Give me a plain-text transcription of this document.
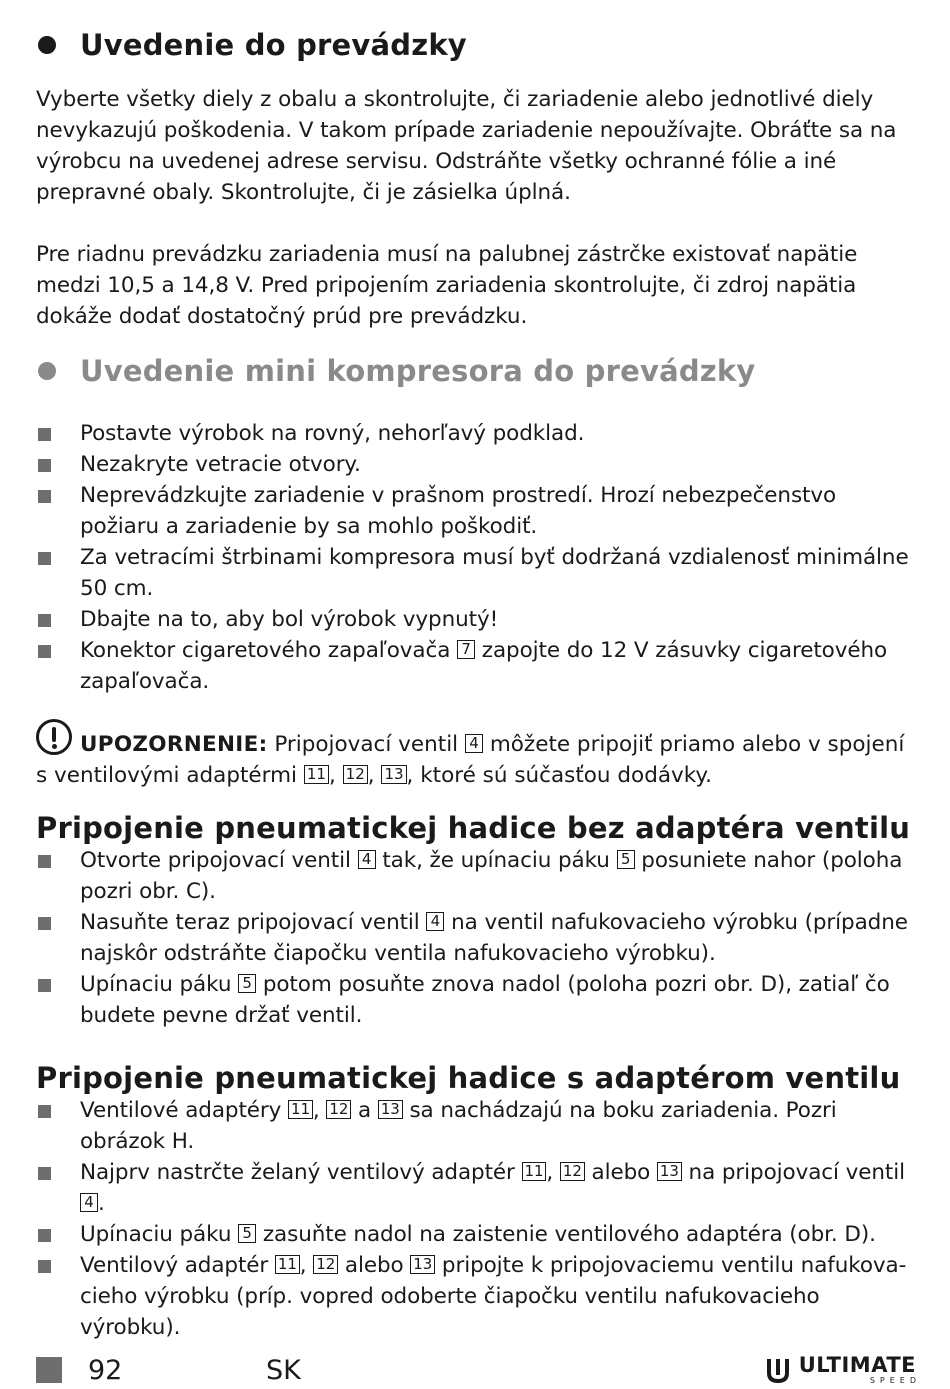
Uvedenie do prevádzky

Vyberte všetky diely z obalu a skontrolujte, či zariadenie alebo jednotlivé diely nevykazujú poškodenia. V takom prípade zariadenie nepoužívajte. Obráťte sa na výrobcu na uvedenej adrese servisu. Odstráňte všetky ochranné fólie a iné prepravné obaly. Skontrolujte, či je zásielka úplná.

Pre riadnu prevádzku zariadenia musí na palubnej zástrčke existovať napätie medzi 10,5 a 14,8 V. Pred pripojením zariadenia skontrolujte, či zdroj napätia dokáže dodať dostatočný prúd pre prevádzku.

Uvedenie mini kompresora do prevádzky
Postavte výrobok na rovný, nehorľavý podklad.
Nezakryte vetracie otvory.
Neprevádzkujte zariadenie v prašnom prostredí. Hrozí nebezpečenstvo požiaru a zariadenie by sa mohlo poškodiť.
Za vetracími štrbinami kompresora musí byť dodržaná vzdialenosť minimálne 50 cm.
Dbajte na to, aby bol výrobok vypnutý!
Konektor cigaretového zapaľovača 7 zapojte do 12 V zásuvky cigaretového zapaľovača.

UPOZORNENIE: Pripojovací ventil 4 môžete pripojiť priamo alebo v spojení s ventilovými adaptérmi 11 , 12 , 13 , ktoré sú súčasťou dodávky.

Pripojenie pneumatickej hadice bez adaptéra ventilu
Otvorte pripojovací ventil 4 tak, že upínaciu páku 5 posuniete nahor (poloha pozri obr. C).
Nasuňte teraz pripojovací ventil 4 na ventil nafukovacieho výrobku (prípadne najskôr odstráňte čiapočku ventila nafukovacieho výrobku).
Upínaciu páku 5 potom posuňte znova nadol (poloha pozri obr. D), zatiaľ čo budete pevne držať ventil.
Pripojenie pneumatickej hadice s adaptérom ventilu
Ventilové adaptéry 11 , 12 a 13 sa nachádzajú na boku zariadenia. Pozri obrázok H.
Najprv nastrčte želaný ventilový adaptér 11 , 12 alebo 13 na pripojovací ventil 4 .
Upínaciu páku 5 zasuňte nadol na zaistenie ventilového adaptéra (obr. D).
Ventilový adaptér 11 , 12 alebo 13 pripojte k pripojovaciemu ventilu nafukova-cieho výrobku (príp. vopred odoberte čiapočku ventilu nafukovacieho výrobku).
92	SK	ULTIMATE
SPEED
